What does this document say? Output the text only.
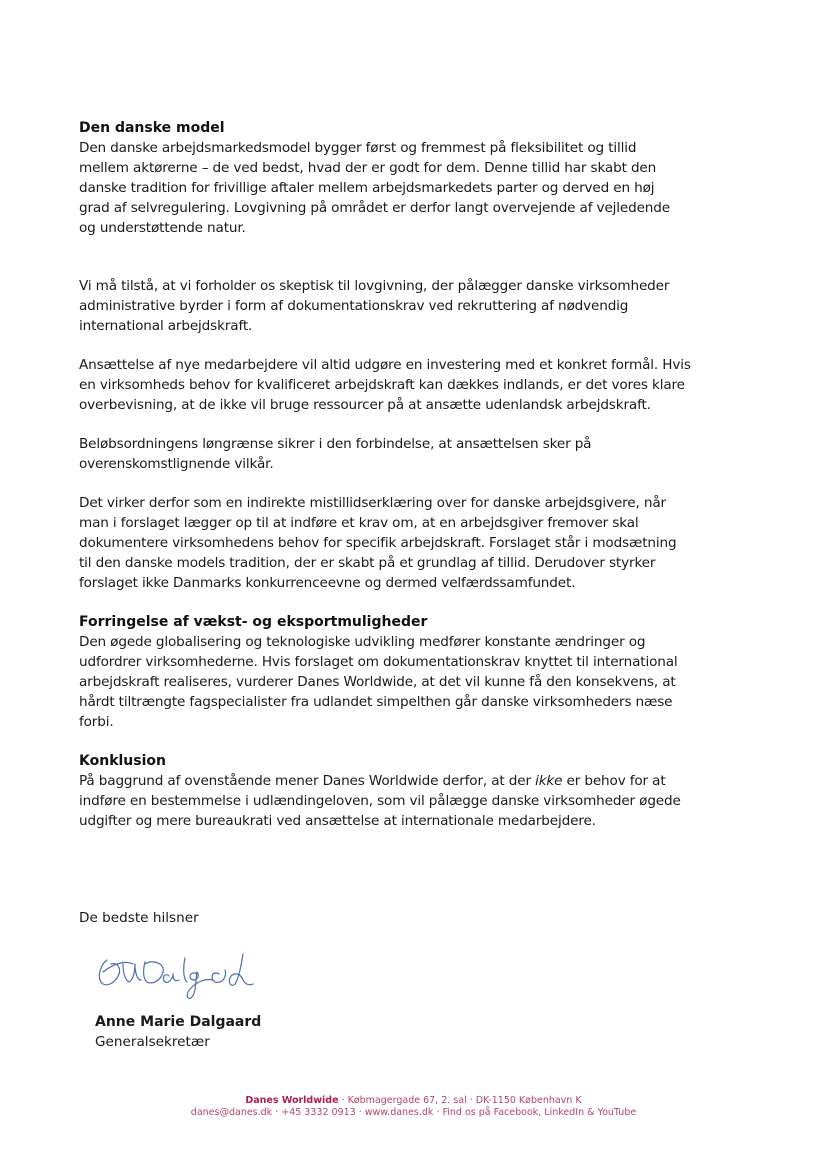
Den danske model

Den danske arbejdsmarkedsmodel bygger først og fremmest på fleksibilitet og tillid
mellem aktørerne – de ved bedst, hvad der er godt for dem. Denne tillid har skabt den
danske tradition for frivillige aftaler mellem arbejdsmarkedets parter og derved en høj
grad af selvregulering. Lovgivning på området er derfor langt overvejende af vejledende
og understøttende natur.

Vi må tilstå, at vi forholder os skeptisk til lovgivning, der pålægger danske virksomheder
administrative byrder i form af dokumentationskrav ved rekruttering af nødvendig
international arbejdskraft.

Ansættelse af nye medarbejdere vil altid udgøre en investering med et konkret formål. Hvis
en virksomheds behov for kvalificeret arbejdskraft kan dækkes indlands, er det vores klare
overbevisning, at de ikke vil bruge ressourcer på at ansætte udenlandsk arbejdskraft.

Beløbsordningens løngrænse sikrer i den forbindelse, at ansættelsen sker på
overenskomstlignende vilkår.

Det virker derfor som en indirekte mistillidserklæring over for danske arbejdsgivere, når
man i forslaget lægger op til at indføre et krav om, at en arbejdsgiver fremover skal
dokumentere virksomhedens behov for specifik arbejdskraft. Forslaget står i modsætning
til den danske models tradition, der er skabt på et grundlag af tillid. Derudover styrker
forslaget ikke Danmarks konkurrenceevne og dermed velfærdssamfundet.

Forringelse af vækst- og eksportmuligheder

Den øgede globalisering og teknologiske udvikling medfører konstante ændringer og
udfordrer virksomhederne. Hvis forslaget om dokumentationskrav knyttet til international
arbejdskraft realiseres, vurderer Danes Worldwide, at det vil kunne få den konsekvens, at
hårdt tiltrængte fagspecialister fra udlandet simpelthen går danske virksomheders næse
forbi.

Konklusion

På baggrund af ovenstående mener Danes Worldwide derfor, at der ikke er behov for at
indføre en bestemmelse i udlændingeloven, som vil pålægge danske virksomheder øgede
udgifter og mere bureaukrati ved ansættelse at internationale medarbejdere.

De bedste hilsner
Anne Marie Dalgaard
Generalsekretær
Danes Worldwide · Købmagergade 67, 2. sal · DK-1150 København K
danes@danes.dk · +45 3332 0913 · www.danes.dk · Find os på Facebook, LinkedIn & YouTube
